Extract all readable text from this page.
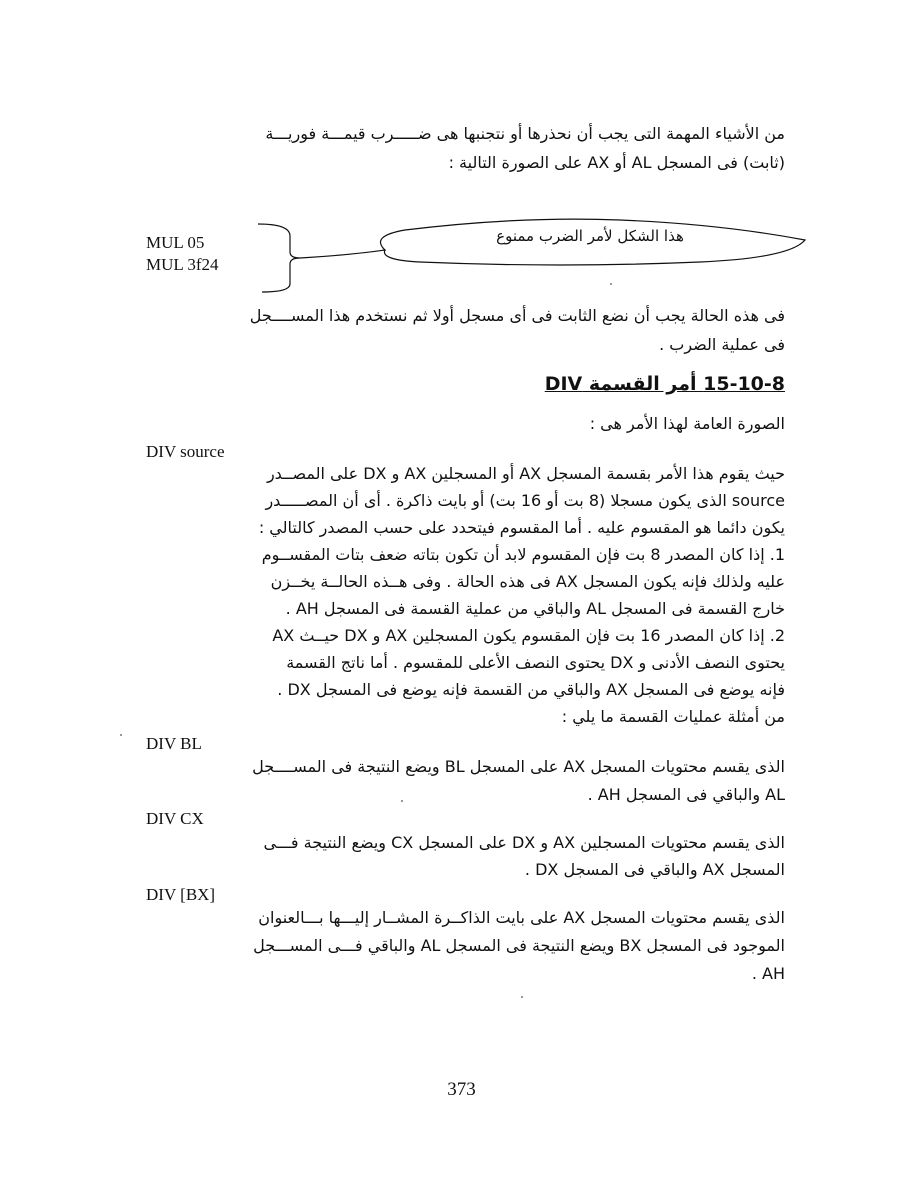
من الأشياء المهمة التى يجب أن نحذرها أو نتجنبها هى ضـــــرب قيمـــة فوريـــة
(ثابت) فى المسجل AL أو AX على الصورة التالية :
MUL 05
MUL 3f24
هذا الشكل لأمر الضرب ممنوع
فى هذه الحالة يجب أن نضع الثابت فى أى مسجل أولا ثم نستخدم هذا المســــجل
فى عملية الضرب .
15-10-8 أمر القسمة DIV
الصورة العامة لهذا الأمر هى :
DIV source
حيث يقوم هذا الأمر بقسمة المسجل AX أو المسجلين AX و DX على المصــدر
source الذى يكون مسجلا (8 بت أو 16 بت) أو بايت ذاكرة . أى أن المصـــــدر
يكون دائما هو المقسوم عليه . أما المقسوم فيتحدد على حسب المصدر كالتالي :
1. إذا كان المصدر 8 بت فإن المقسوم لابد أن تكون بتاته ضعف بتات المقســوم
عليه ولذلك فإنه يكون المسجل AX فى هذه الحالة . وفى هــذه الحالــة يخــزن
خارج القسمة فى المسجل AL والباقي من عملية القسمة فى المسجل AH .
2. إذا كان المصدر 16 بت فإن المقسوم يكون المسجلين AX و DX حيــث AX
يحتوى النصف الأدنى و DX يحتوى النصف الأعلى للمقسوم . أما ناتج القسمة
فإنه يوضع فى المسجل AX والباقي من القسمة فإنه يوضع فى المسجل DX .
من أمثلة عمليات القسمة ما يلي :
DIV BL
الذى يقسم محتويات المسجل AX على المسجل BL ويضع النتيجة فى المســــجل
AL والباقي فى المسجل AH .
DIV CX
الذى يقسم محتويات المسجلين AX و DX على المسجل CX ويضع النتيجة فـــى
المسجل AX والباقي فى المسجل DX .
DIV [BX]
الذى يقسم محتويات المسجل AX على بايت الذاكــرة المشــار إليـــها بـــالعنوان
الموجود فى المسجل BX ويضع النتيجة فى المسجل AL والباقي فـــى المســـجل
AH .
373
